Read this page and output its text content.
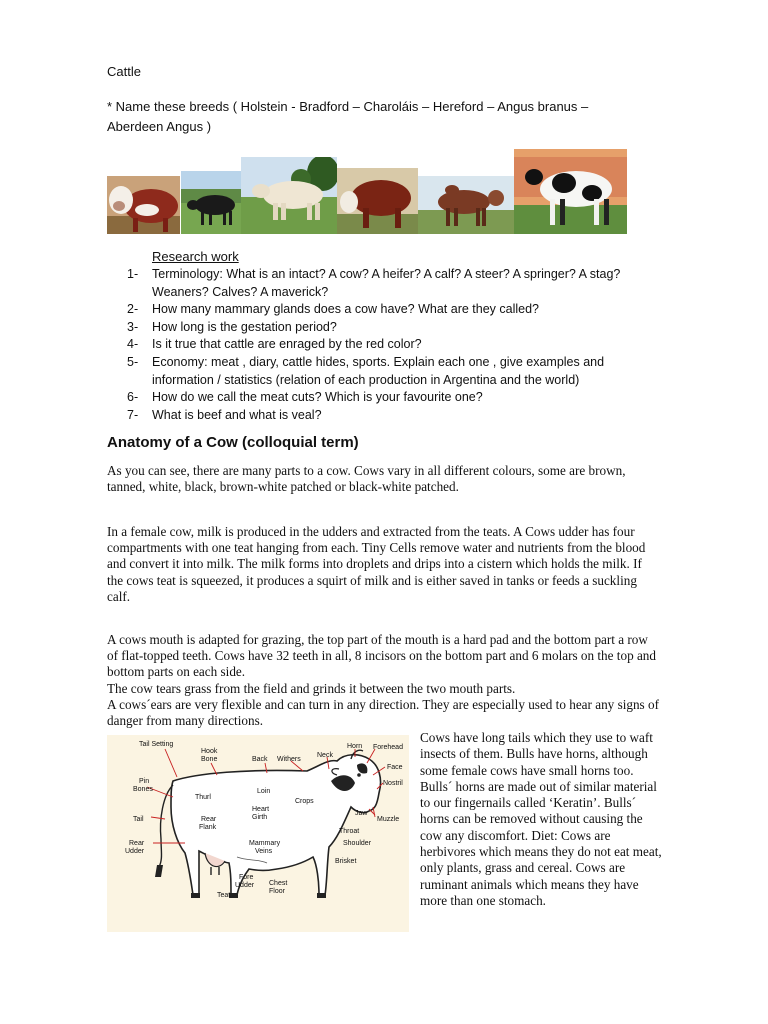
Cattle
* Name these breeds ( Holstein - Bradford – Charoláis – Hereford – Angus branus – Aberdeen Angus )
Research work
1- Terminology: What is an intact? A cow? A heifer? A calf? A steer? A springer? A stag? Weaners? Calves? A maverick?
2- How many mammary glands does a cow have? What are they called?
3- How long is the gestation period?
4- Is it true that cattle are enraged by the red color?
5- Economy: meat , diary, cattle hides, sports. Explain each one , give examples and information / statistics (relation of each production in Argentina and the world)
6- How do we call the meat cuts? Which is your favourite one?
7- What is beef and what is veal?
Anatomy of a Cow (colloquial term)

As you can see, there are many parts to a cow. Cows vary in all different colours, some are brown, tanned, white, black, brown-white patched or black-white patched.

In a female cow, milk is produced in the udders and extracted from the teats. A Cows udder has four compartments with one teat hanging from each. Tiny Cells remove water and nutrients from the blood and convert it into milk. The milk forms into droplets and drips into a cistern which holds the milk. If the cows teat is squeezed, it produces a squirt of milk and is either saved in tanks or feeds a suckling calf.

A cows mouth is adapted for grazing, the top part of the mouth is a hard pad and the bottom part a row of flat-topped teeth. Cows have 32 teeth in all, 8 incisors on the bottom part and 6 molars on the top and bottom parts on each side.

The cow tears grass from the field and grinds it between the two mouth parts.

A cows´ears are very flexible and can turn in any direction. They are especially used to hear any signs of danger from many directions.

Tail Setting
Hook
Bone	Back Withers
Neck
Horn Forehead
Face
Nostril
Pin
Bones
Thurl
Loin
Crops
Heart
Girth
Jaw
Muzzle
Tail	Rear
Flank
Throat
Rear
Udder
Mammary
Veins
Shoulder
Brisket
Fore
Udder Chest
Floor
Teat

Cows have long tails which they use to waft insects of them. Bulls have horns, although some female cows have small horns too. Bulls´ horns are made out of similar material to our fingernails called ‘Keratin’. Bulls´ horns can be removed without causing the cow any discomfort. Diet: Cows are herbivores which means they do not eat meat, only plants, grass and cereal. Cows are ruminant animals which means they have more than one stomach.
